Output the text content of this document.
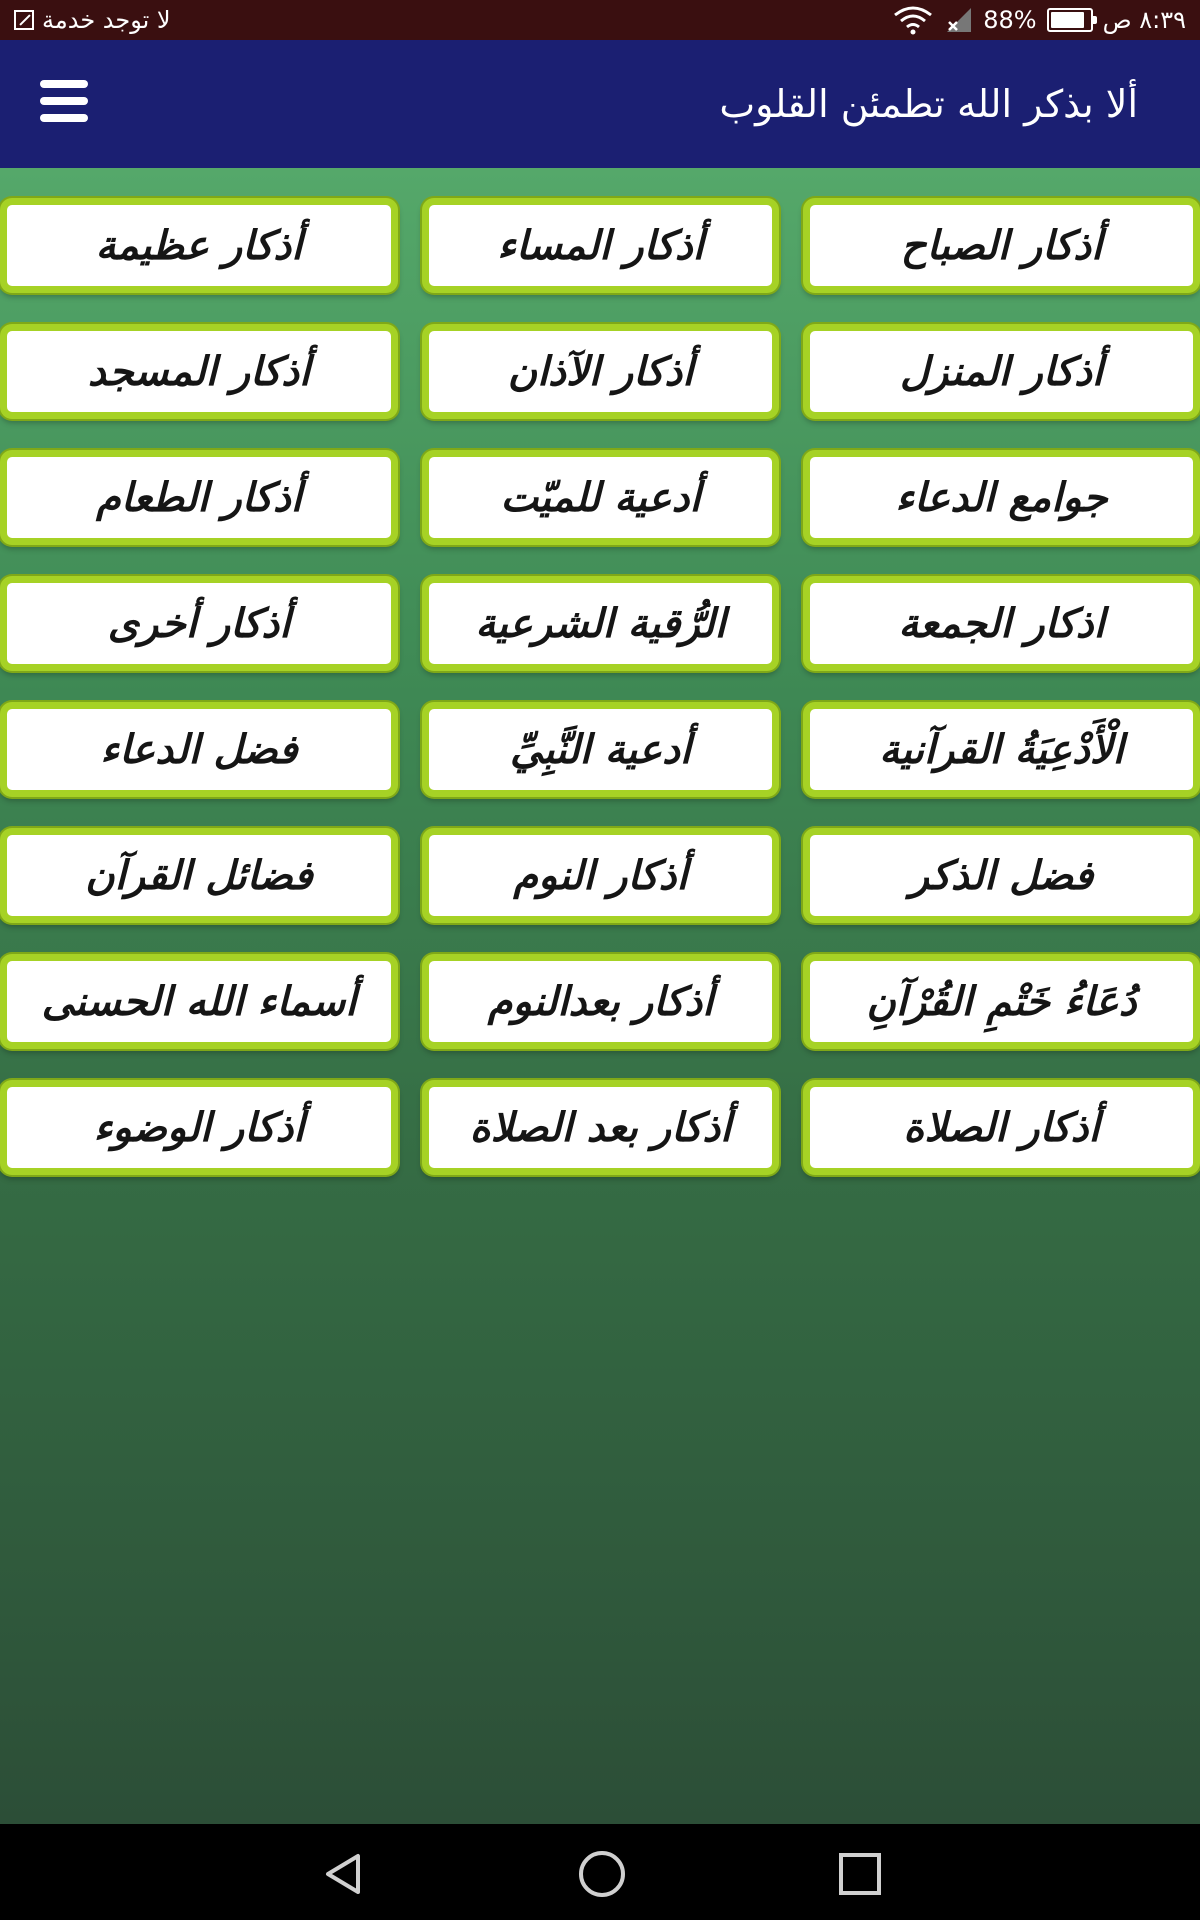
لا توجد خدمة	88%	٨:٣٩ ص
ألا بذكر الله تطمئن القلوب
أذكار الصباح
أذكار المساء
أذكار عظيمة
أذكار المنزل
أذكار الآذان
أذكار المسجد
جوامع الدعاء
أدعية للميّت
أذكار الطعام
اذكار الجمعة
الرُّقية الشرعية
أذكار أخرى
الْأَدْعِيَةُ القرآنية
أدعية النَّبِيِّ
فضل الدعاء
فضل الذكر
أذكار النوم
فضائل القرآن
دُعَاءُ خَتْمِ القُرْآنِ
أذكار بعدالنوم
أسماء الله الحسنى
أذكار الصلاة
أذكار بعد الصلاة
أذكار الوضوء
